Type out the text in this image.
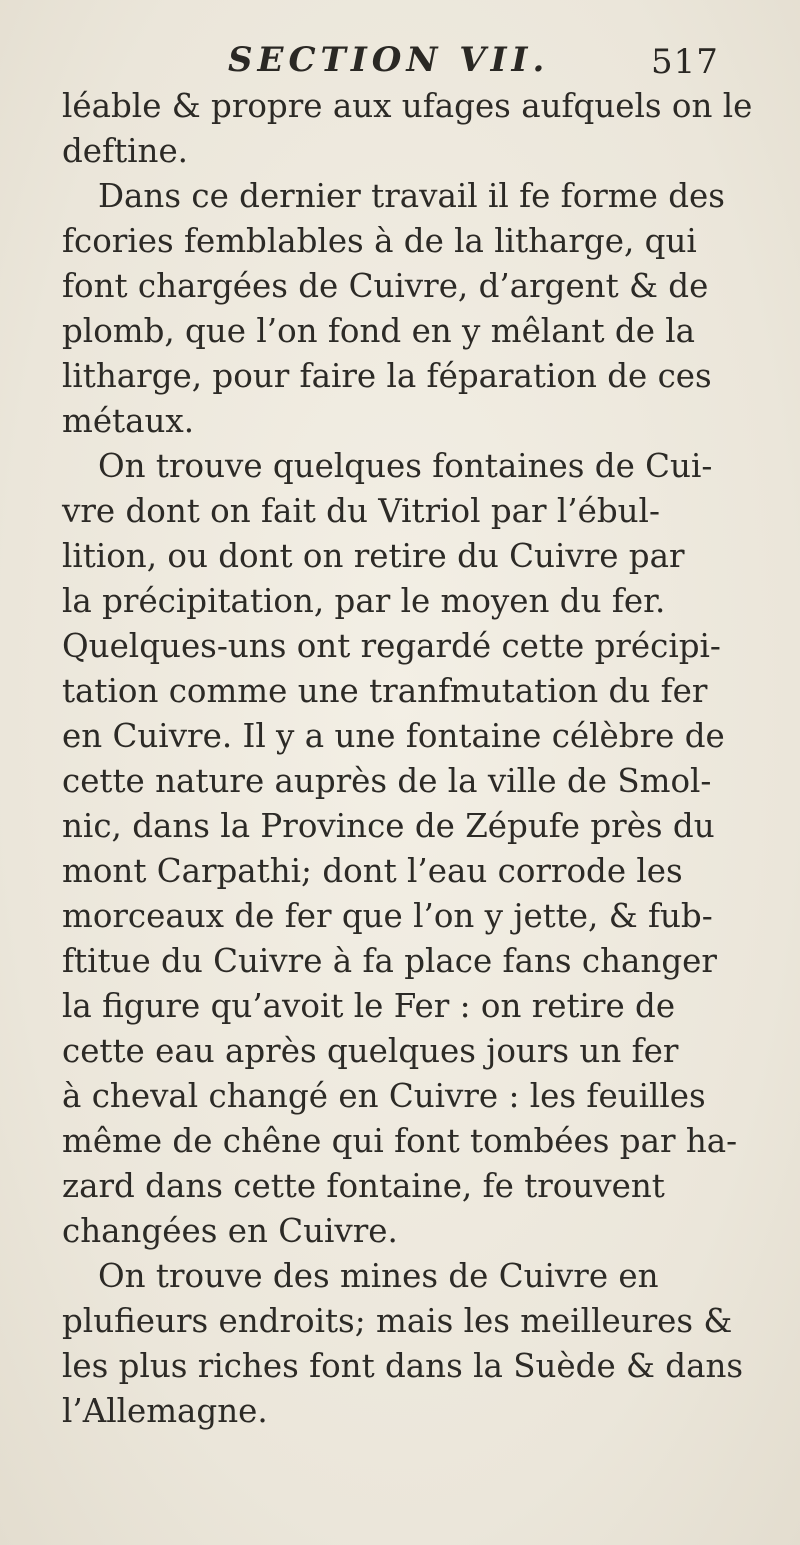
SECTION VII.	517

léable & propre aux ufages aufquels on le

deftine.

Dans ce dernier travail il fe forme des

fcories femblables à de la litharge, qui

font chargées de Cuivre, d’argent & de

plomb, que l’on fond en y mêlant de la

litharge, pour faire la féparation de ces

métaux.

On trouve quelques fontaines de Cui-

vre dont on fait du Vitriol par l’ébul-

lition, ou dont on retire du Cuivre par

la précipitation, par le moyen du fer.

Quelques-uns ont regardé cette précipi-

tation comme une tranfmutation du fer

en Cuivre. Il y a une fontaine célèbre de

cette nature auprès de la ville de Smol-

nic, dans la Province de Zépufe près du

mont Carpathi; dont l’eau corrode les

morceaux de fer que l’on y jette, & fub-

ftitue du Cuivre à fa place fans changer

la figure qu’avoit le Fer : on retire de

cette eau après quelques jours un fer

à cheval changé en Cuivre : les feuilles

même de chêne qui font tombées par ha-

zard dans cette fontaine, fe trouvent

changées en Cuivre.

On trouve des mines de Cuivre en

plufieurs endroits; mais les meilleures &

les plus riches font dans la Suède & dans

l’Allemagne.
